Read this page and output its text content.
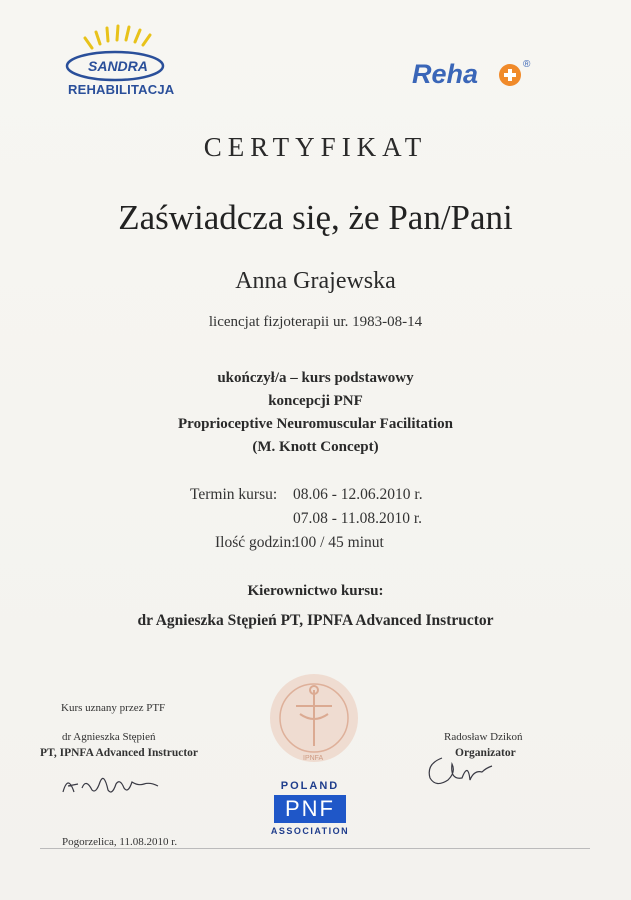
SANDRA
REHABILITACJA
Reha	®
CERTYFIKAT
Zaświadcza się, że Pan/Pani
Anna Grajewska
licencjat fizjoterapii ur. 1983-08-14
ukończył/a – kurs podstawowy
koncepcji PNF
Proprioceptive Neuromuscular Facilitation
(M. Knott Concept)
Termin kursu: 08.06 - 12.06.2010 r.
07.08 - 11.08.2010 r.
Ilość godzin:
100 / 45 minut
Kierownictwo kursu:
dr Agnieszka Stępień PT, IPNFA Advanced Instructor
IPNFA
Kurs uznany przez PTF
dr Agnieszka Stępień
PT, IPNFA Advanced Instructor
Radosław Dzikoń
Organizator
POLAND
PNF
ASSOCIATION
Pogorzelica, 11.08.2010 r.
